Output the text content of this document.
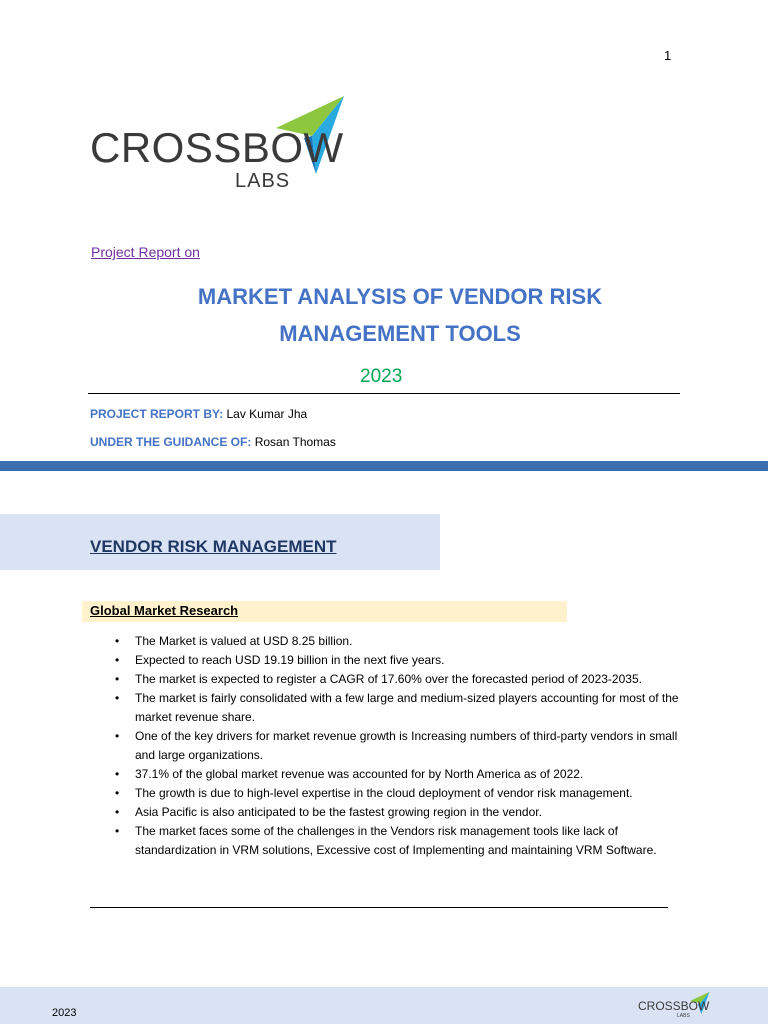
1
CROSSBOW
LABS
Project Report on
MARKET ANALYSIS OF VENDOR RISK
MANAGEMENT TOOLS
2023
PROJECT REPORT BY: Lav Kumar Jha
UNDER THE GUIDANCE OF: Rosan Thomas
VENDOR RISK MANAGEMENT
Global Market Research
• The Market is valued at USD 8.25 billion.
• Expected to reach USD 19.19 billion in the next five years.
• The market is expected to register a CAGR of 17.60% over the forecasted period of 2023-2035.
• The market is fairly consolidated with a few large and medium-sized players accounting for most of the market revenue share.
• One of the key drivers for market revenue growth is Increasing numbers of third-party vendors in small and large organizations.
• 37.1% of the global market revenue was accounted for by North America as of 2022.
• The growth is due to high-level expertise in the cloud deployment of vendor risk management.
• Asia Pacific is also anticipated to be the fastest growing region in the vendor.
• The market faces some of the challenges in the Vendors risk management tools like lack of standardization in VRM solutions, Excessive cost of Implementing and maintaining VRM Software.
2023	CROSSBOW
LABS
